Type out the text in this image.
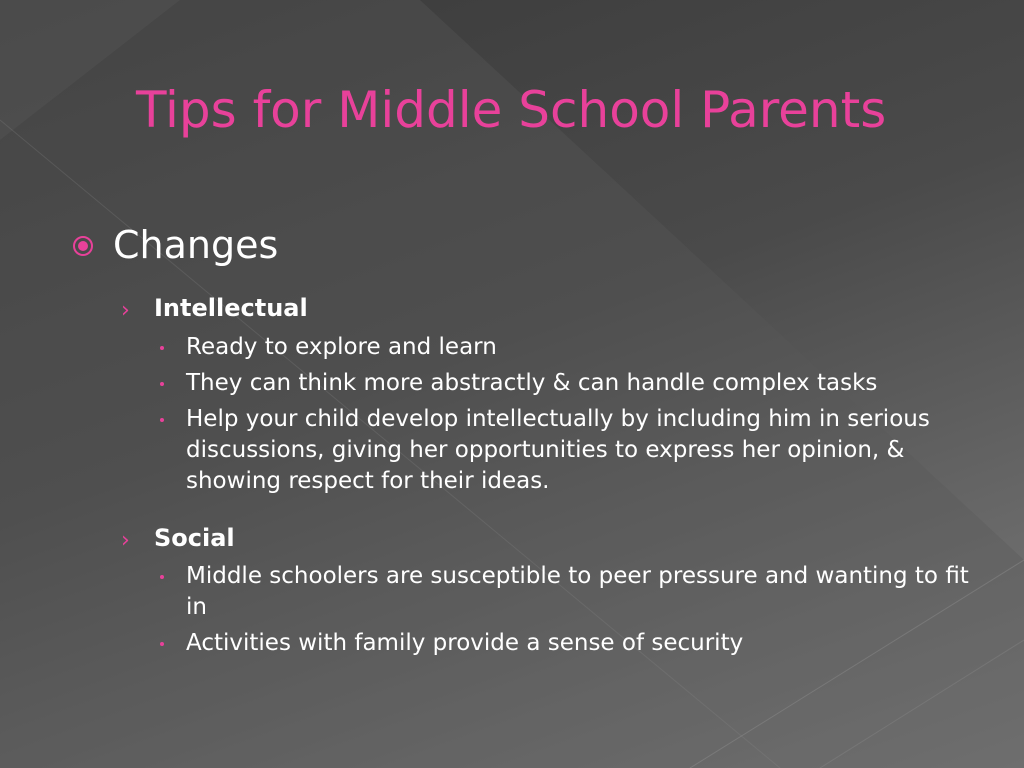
Tips for Middle School Parents
Changes
› Intellectual
Ready to explore and learn
They can think more abstractly & can handle complex tasks
Help your child develop intellectually by including him in serious discussions, giving her opportunities to express her opinion, & showing respect for their ideas.
› Social
Middle schoolers are susceptible to peer pressure and wanting to fit in
Activities with family provide a sense of security
